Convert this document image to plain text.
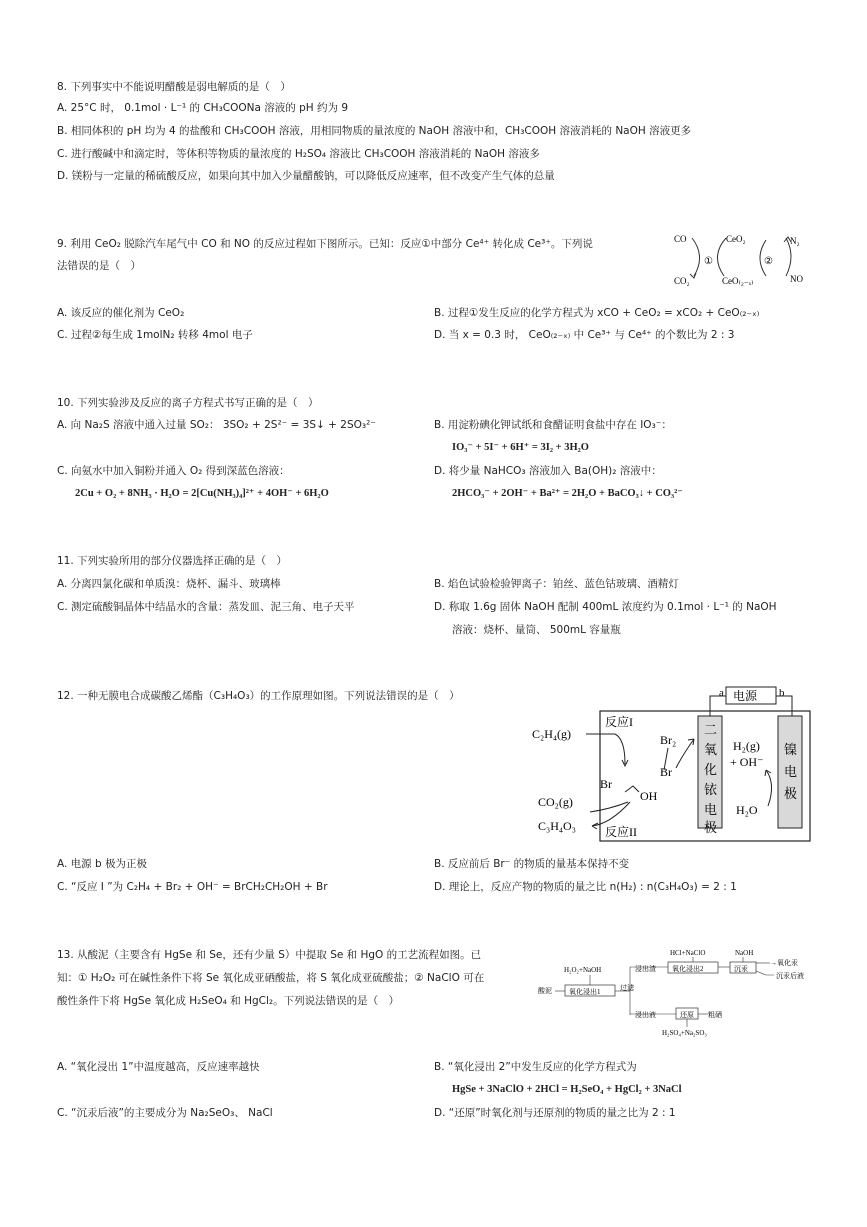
8. 下列事实中不能说明醋酸是弱电解质的是（　）
A. 25°C 时， 0.1mol · L⁻¹ 的 CH₃COONa 溶液的 pH 约为 9
B. 相同体积的 pH 均为 4 的盐酸和 CH₃COOH 溶液，用相同物质的量浓度的 NaOH 溶液中和，CH₃COOH 溶液消耗的 NaOH 溶液更多
C. 进行酸碱中和滴定时，等体积等物质的量浓度的 H₂SO₄ 溶液比 CH₃COOH 溶液消耗的 NaOH 溶液多
D. 镁粉与一定量的稀硫酸反应，如果向其中加入少量醋酸钠，可以降低反应速率，但不改变产生气体的总量
9. 利用 CeO₂ 脱除汽车尾气中 CO 和 NO 的反应过程如下图所示。已知：反应①中部分 Ce⁴⁺ 转化成 Ce³⁺。下列说
法错误的是（　）
A. 该反应的催化剂为 CeO₂	B. 过程①发生反应的化学方程式为 xCO + CeO₂ = xCO₂ + CeO₍₂₋ₓ₎
C. 过程②每生成 1molN₂ 转移 4mol 电子	D. 当 x = 0.3 时， CeO₍₂₋ₓ₎ 中 Ce³⁺ 与 Ce⁴⁺ 的个数比为 2 : 3
CO	CeO₂	N₂
CO₂	CeO₍₂₋ₓ₎	NO
①	②
10. 下列实验涉及反应的离子方程式书写正确的是（　）
A. 向 Na₂S 溶液中通入过量 SO₂： 3SO₂ + 2S²⁻ = 3S↓ + 2SO₃²⁻	B. 用淀粉碘化钾试纸和食醋证明食盐中存在 IO₃⁻：
IO₃⁻ + 5I⁻ + 6H⁺ = 3I₂ + 3H₂O
C. 向氨水中加入铜粉并通入 O₂ 得到深蓝色溶液：	D. 将少量 NaHCO₃ 溶液加入 Ba(OH)₂ 溶液中：
2Cu + O₂ + 8NH₃ · H₂O = 2[Cu(NH₃)₄]²⁺ + 4OH⁻ + 6H₂O	2HCO₃⁻ + 2OH⁻ + Ba²⁺ = 2H₂O + BaCO₃↓ + CO₃²⁻
11. 下列实验所用的部分仪器选择正确的是（　）
A. 分离四氯化碳和单质溴：烧杯、漏斗、玻璃棒	B. 焰色试验检验钾离子：铂丝、蓝色钴玻璃、酒精灯
C. 测定硫酸铜晶体中结晶水的含量：蒸发皿、泥三角、电子天平	D. 称取 1.6g 固体 NaOH 配制 400mL 浓度约为 0.1mol · L⁻¹ 的 NaOH
溶液：烧杯、量筒、 500mL 容量瓶
12. 一种无膜电合成碳酸乙烯酯（C₃H₄O₃）的工作原理如图。下列说法错误的是（　）	电源
a	b
二
氧
化
铱
电
极
镍
电
极
C₂H₄(g)
反应I
Br₂
Br
Br
OH
CO₂(g)
C₃H₄O₃ 反应II
H₂(g)
+ OH⁻
H₂O
A. 电源 b 极为正极	B. 反应前后 Br⁻ 的物质的量基本保持不变
C. “反应 I ”为 C₂H₄ + Br₂ + OH⁻ = BrCH₂CH₂OH + Br	D. 理论上，反应产物的物质的量之比 n(H₂) : n(C₃H₄O₃) = 2 : 1
13. 从酸泥（主要含有 HgSe 和 Se，还有少量 S）中提取 Se 和 HgO 的工艺流程如图。已
知：① H₂O₂ 可在碱性条件下将 Se 氧化成亚硒酸盐，将 S 氧化成亚硫酸盐；② NaClO 可在
酸性条件下将 HgSe 氧化成 H₂SeO₄ 和 HgCl₂。下列说法错误的是（　）
HCl+NaClO	NaOH
H₂O₂+NaOH	浸出渣 氧化浸出2	沉汞
→氧化汞
沉汞后液
酸泥 氧化浸出1	过滤
浸出液	还原 粗硒
H₂SO₄+Na₂SO₃
A. “氧化浸出 1”中温度越高，反应速率越快	B. “氧化浸出 2”中发生反应的化学方程式为
HgSe + 3NaClO + 2HCl = H₂SeO₄ + HgCl₂ + 3NaCl
C. “沉汞后液”的主要成分为 Na₂SeO₃、 NaCl	D. “还原”时氧化剂与还原剂的物质的量之比为 2 : 1
